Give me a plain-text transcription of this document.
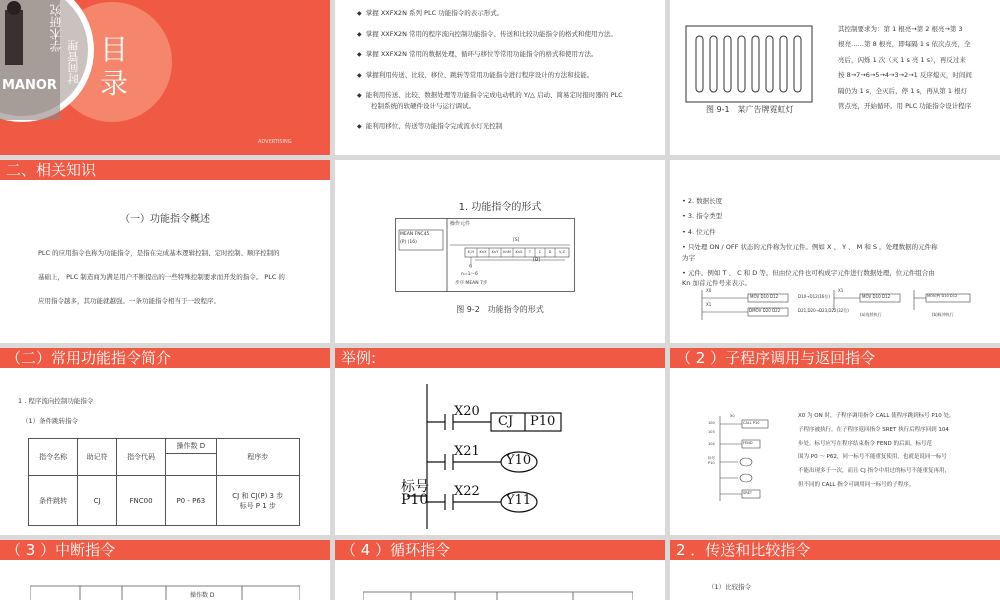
学术研究
时间管理 目
录
MANOR
ADVERTISING
◆ 掌握 XXFX2N 系列 PLC 功能指令的表示形式。
◆ 掌握 XXFX2N 常用的程序流向控制功能指令、传送和比较功能指令的格式和使用方法。
◆ 掌握 XXFX2N 常用的数据处理、循环与移位等常用功能指令的格式和使用方法。
◆ 掌握利用传送、比较、移位、跳转等常用功能指令进行程序设计的方法和技能。
◆ 能利用传送、比较、数据处理等功能指令完成电动机的 Y/△ 启动、简易定时报时器的 PLC
控制系统的软硬件设计与运行调试。
◆ 能利用移位、传送等功能指令完成流水灯光控制
图 9-1　某广告牌霓虹灯
其控制要求为：第 1 根亮→第 2 根亮→第 3
根亮……第 8 根亮，即每隔 1 s 依次点亮，全
亮后，闪烁 1 次（灭 1 s 亮 1 s），再反过来
按 8→7→6→5→4→3→2→1 反序熄灭，时间间
隔仍为 1 s，全灭后，停 1 s，再从第 1 根灯
管点亮，开始循环。用 PLC 功能指令设计程序
二、相关知识
（一）功能指令概述
PLC 的应用指令也称为功能指令，是指在完成基本逻辑控制、定时控制、顺序控制的
基础上， PLC 制造商为满足用户不断提出的一些特殊控制要求而开发的指令。 PLC 的
应用指令越多，其功能就越强。一条功能指令相当于一段程序。
1. 功能指令的形式
MEAN FNC45
(P) (16)
操作元件
[S]
K,H	KnX	KnY	KnM	KnS	T	C	D	V,Z
[D]
n
n=1～6
步序 MEAN 7步
图 9-2　功能指令的形式
• 2. 数据长度
• 3. 指令类型
• 4. 位元件
• 只处理 ON / OFF 状态的元件称为位元件。例如 X 、 Y 、 M 和 S 。处理数据的元件称
为字
• 元件。例如 T 、 C 和 D 等。但由位元件也可构成字元件进行数据处理，位元件组合由
Kn 加首元件号来表示。
X0
X1
MOV D10 D12
DMOV D20 D22
D10→D12(16位)
D21,D20→D23,D22(32位)
X1
MOV D10 D12	MOV(P) D10 D12
(a)连续执行	(b)脉冲执行
（二）常用功能指令简介
1 . 程序流向控制功能指令
（1）条件跳转指令
指令名称	助记符	指令代码	操作数 D	程序步

条件跳转	CJ	FNC00	P0 - P63	CJ 和 CJ(P) 3 步
标号 P 1 步
举例:
X20
CJ P10
X21
Y10
X22
Y11
标号
P10
（ 2 ）子程序调用与返回指令
X0
CALL P10
100
103
FEND
104
标号
P10
SRET
X0 为 ON 时，子程序调用指令 CALL 使程序跳到标号 P10 处，
子程序被执行。在子程序返回指令 SRET 执行后程序回到 104
步处。标号应写在程序结束指令 FEND 的后面，标号范
围为 P0 ～ P62，同一标号不能重复使用，也就是说同一标号
不能出现多于一次，而且 CJ 指令中用过的标号不能重复再用，
但不同的 CALL 指令可调用同一标号的子程序。
（ 3 ）中断指令
操作数 D
（ 4 ）循环指令	2 ．传送和比较指令
（1）比较指令
